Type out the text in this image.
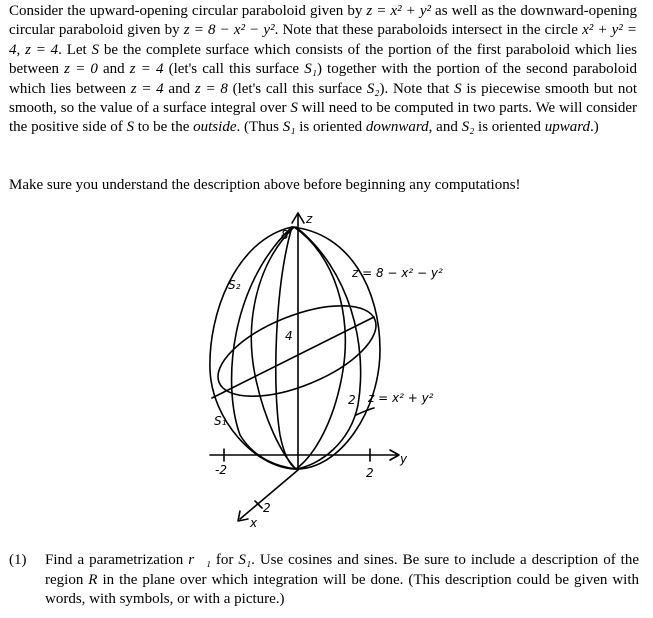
Consider the upward-opening circular paraboloid given by z = x² + y² as well as the downward-opening circular paraboloid given by z = 8 − x² − y². Note that these paraboloids intersect in the circle x² + y² = 4, z = 4. Let S be the complete surface which consists of the portion of the first paraboloid which lies between z = 0 and z = 4 (let's call this surface S₁) together with the portion of the second paraboloid which lies between z = 4 and z = 8 (let's call this surface S₂). Note that S is piecewise smooth but not smooth, so the value of a surface integral over S will need to be computed in two parts. We will consider the positive side of S to be the outside. (Thus S₁ is oriented downward, and S₂ is oriented upward.)
Make sure you understand the description above before beginning any computations!
z
8
4
S₂
S₁
z = 8 − x² − y²
z = x² + y²
2
-2	2
y
2
x
(1) Find a parametrization r⃗₁ for S₁. Use cosines and sines. Be sure to include a description of the region R in the plane over which integration will be done. (This description could be given with words, with symbols, or with a picture.)
